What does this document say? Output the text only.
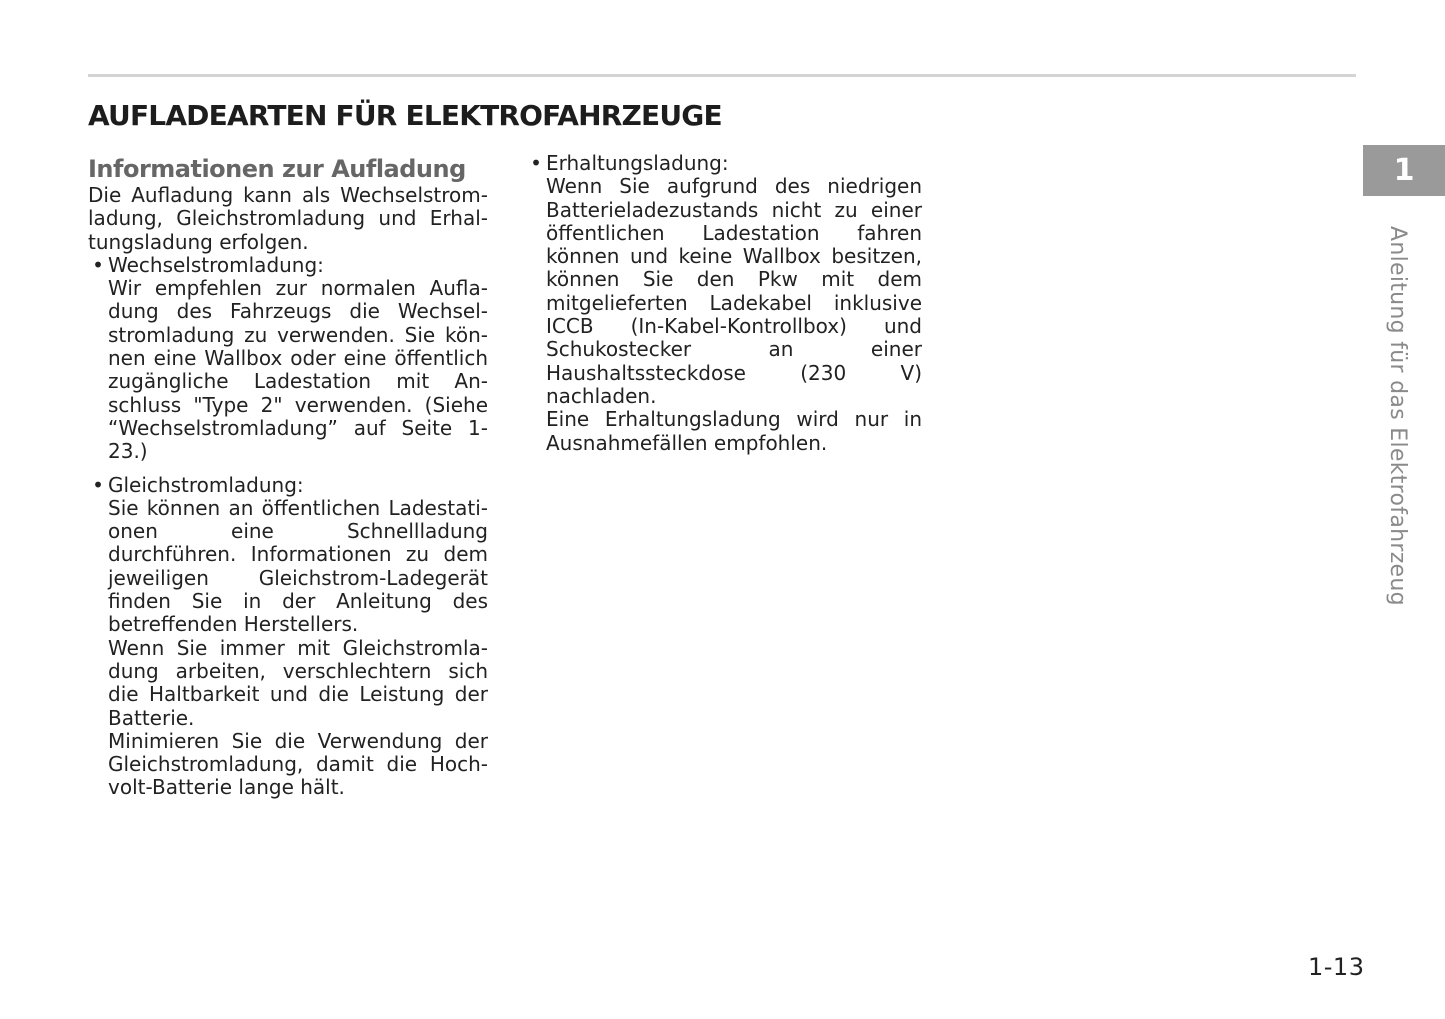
AUFLADEARTEN FÜR ELEKTROFAHRZEUGE
Informationen zur Aufladung

Die Aufladung kann als Wechselstromladung, Gleichstromladung und Erhaltungsladung erfolgen.

• Wechselstromladung:

Wir empfehlen zur normalen Aufladung des Fahrzeugs die Wechselstromladung zu verwenden. Sie können eine Wallbox oder eine öffentlich zugängliche Ladestation mit Anschluss "Type 2" verwenden. (Siehe “Wechselstromladung” auf Seite 1-23.)

• Gleichstromladung:

Sie können an öffentlichen Ladestationen eine Schnellladung durchführen. Informationen zu dem jeweiligen Gleichstrom-Ladegerät finden Sie in der Anleitung des betreffenden Herstellers.

Wenn Sie immer mit Gleichstromladung arbeiten, verschlechtern sich die Haltbarkeit und die Leistung der Batterie.

Minimieren Sie die Verwendung der Gleichstromladung, damit die Hochvolt-Batterie lange hält.

• Erhaltungsladung:

Wenn Sie aufgrund des niedrigen Batterieladezustands nicht zu einer öffentlichen Ladestation fahren können und keine Wallbox besitzen, können Sie den Pkw mit dem mitgelieferten Ladekabel inklusive ICCB (In-Kabel-Kontrollbox) und Schukostecker an einer Haushaltssteckdose (230 V) nachladen.

Eine Erhaltungsladung wird nur in Ausnahmefällen empfohlen.

1
Anleitung für das Elektrofahrzeug
1-13
